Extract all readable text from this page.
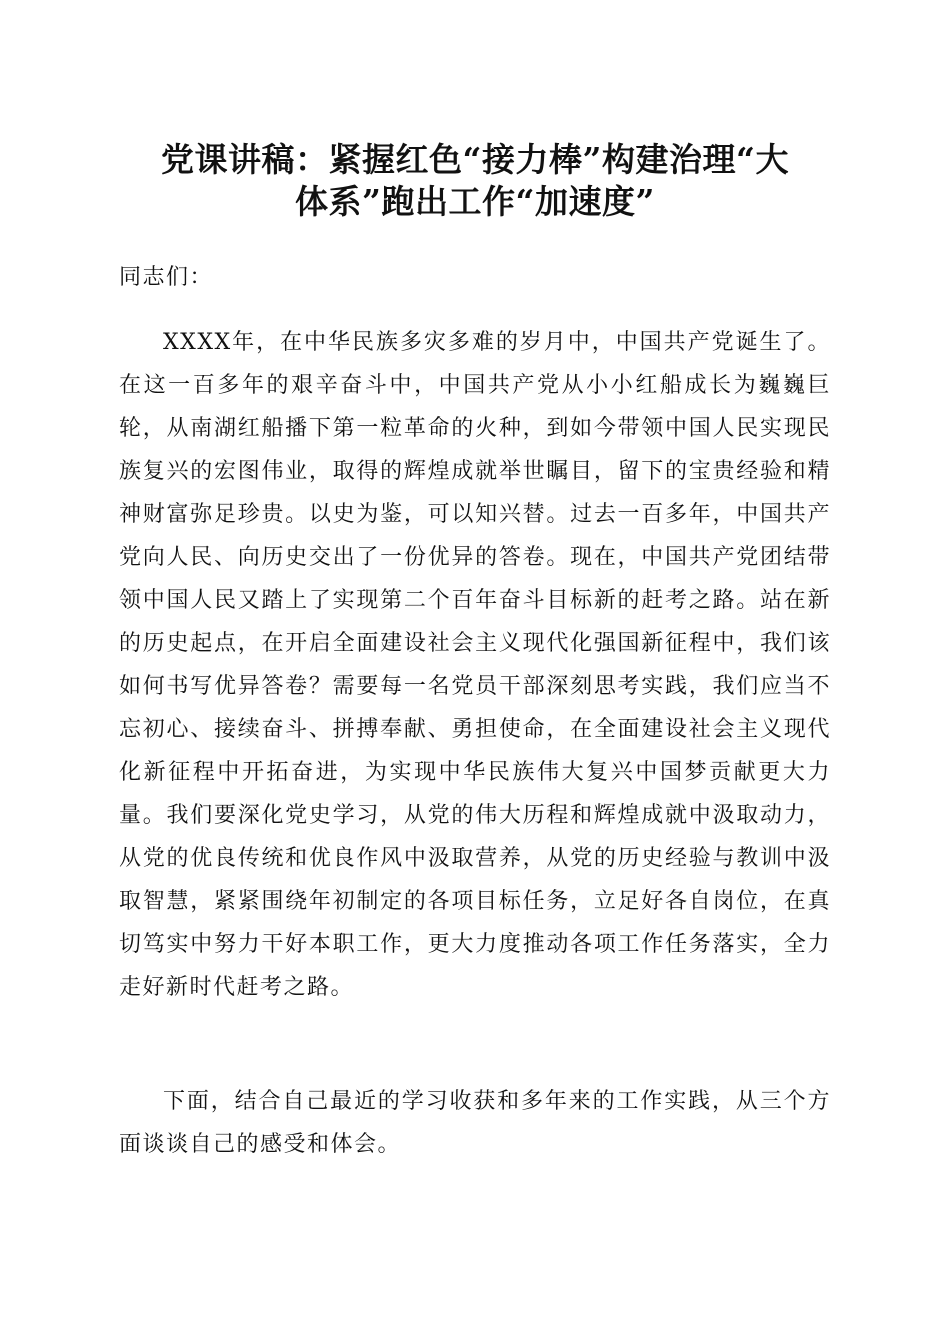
党课讲稿：紧握红色“接力棒”构建治理“大
体系”跑出工作“加速度”

同志们：

XXXX年，在中华民族多灾多难的岁月中，中国共产党诞生了。在这一百多年的艰辛奋斗中，中国共产党从小小红船成长为巍巍巨轮，从南湖红船播下第一粒革命的火种，到如今带领中国人民实现民族复兴的宏图伟业，取得的辉煌成就举世瞩目，留下的宝贵经验和精神财富弥足珍贵。以史为鉴，可以知兴替。过去一百多年，中国共产党向人民、向历史交出了一份优异的答卷。现在，中国共产党团结带领中国人民又踏上了实现第二个百年奋斗目标新的赶考之路。站在新的历史起点，在开启全面建设社会主义现代化强国新征程中，我们该如何书写优异答卷？需要每一名党员干部深刻思考实践，我们应当不忘初心、接续奋斗、拼搏奉献、勇担使命，在全面建设社会主义现代化新征程中开拓奋进，为实现中华民族伟大复兴中国梦贡献更大力量。我们要深化党史学习，从党的伟大历程和辉煌成就中汲取动力，从党的优良传统和优良作风中汲取营养，从党的历史经验与教训中汲取智慧，紧紧围绕年初制定的各项目标任务，立足好各自岗位，在真切笃实中努力干好本职工作，更大力度推动各项工作任务落实，全力走好新时代赶考之路。

下面，结合自己最近的学习收获和多年来的工作实践，从三个方面谈谈自己的感受和体会。
